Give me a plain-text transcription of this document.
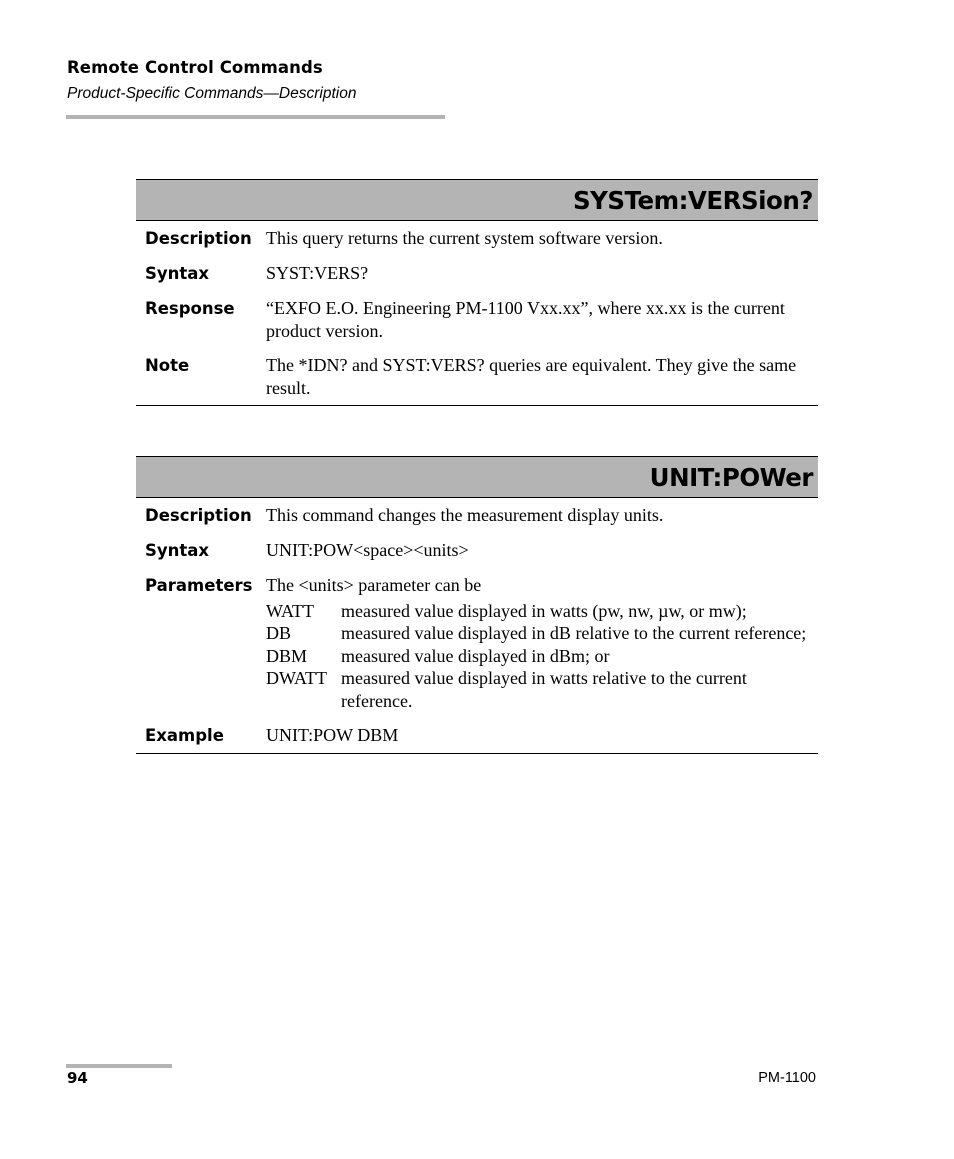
Remote Control Commands
Product-Specific Commands—Description
SYSTem:VERSion?
Description This query returns the current system software version.
Syntax	SYST:VERS?
Response	“EXFO E.O. Engineering PM-1100 Vxx.xx”, where xx.xx is the current product version.
Note	The *IDN? and SYST:VERS? queries are equivalent. They give the same result.
UNIT:POWer
Description This command changes the measurement display units.
Syntax	UNIT:POW<space><units>
Parameters The <units> parameter can be
WATT	measured value displayed in watts (pw, nw, µw, or mw);
DB	measured value displayed in dB relative to the current reference;
DBM	measured value displayed in dBm; or
DWATT measured value displayed in watts relative to the current reference.
Example	UNIT:POW DBM
94	PM-1100
